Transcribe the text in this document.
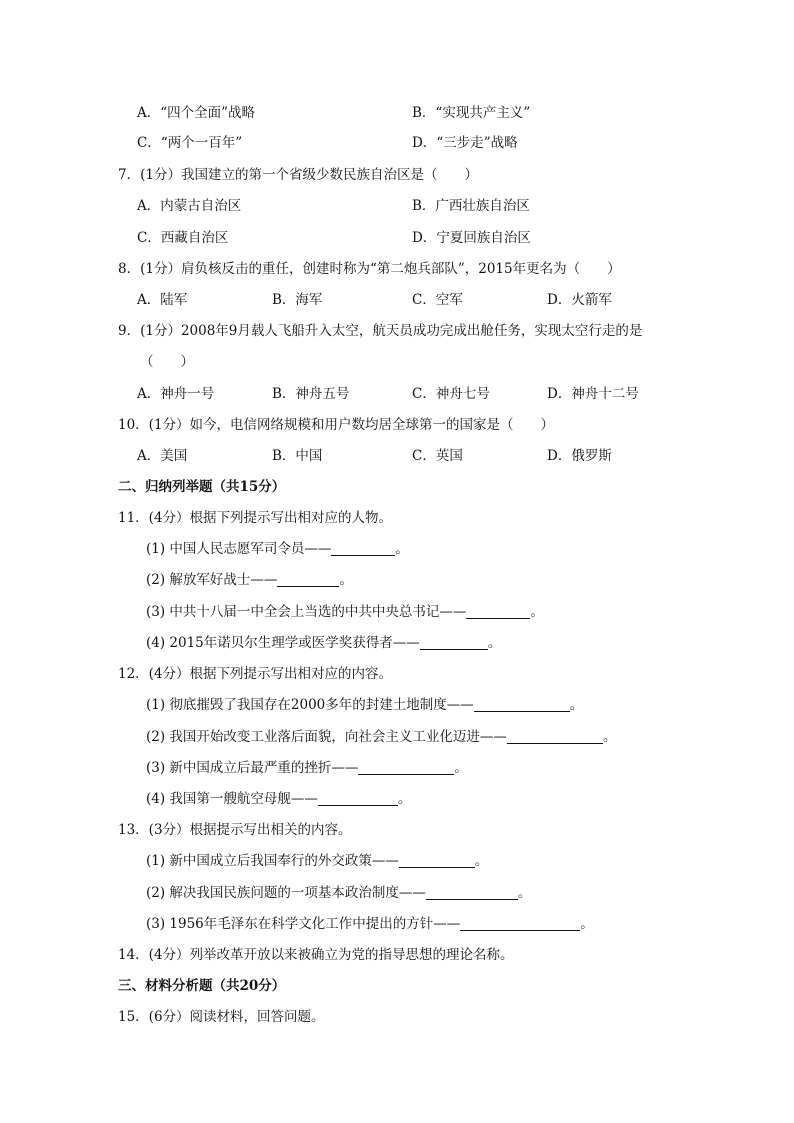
A．“四个全面”战略	B．“实现共产主义”
C．“两个一百年”	D．“三步走”战略
7．(1分）我国建立的第一个省级少数民族自治区是（　　）
A．内蒙古自治区	B．广西壮族自治区
C．西藏自治区	D．宁夏回族自治区
8．(1分）肩负核反击的重任，创建时称为“第二炮兵部队”，2015年更名为（　　）
A．陆军	B．海军	C．空军	D．火箭军
9．(1分）2008年9月载人飞船升入太空，航天员成功完成出舱任务，实现太空行走的是
（　　）
A．神舟一号	B．神舟五号	C．神舟七号	D．神舟十二号
10．(1分）如今，电信网络规模和用户数均居全球第一的国家是（　　）
A．美国	B．中国	C．英国	D．俄罗斯
二、归纳列举题（共15分）
11．(4分）根据下列提示写出相对应的人物。
(1) 中国人民志愿军司令员——	。
(2) 解放军好战士——	。
(3) 中共十八届一中全会上当选的中共中央总书记——	。
(4) 2015年诺贝尔生理学或医学奖获得者——	。
12．(4分）根据下列提示写出相对应的内容。
(1) 彻底摧毁了我国存在2000多年的封建土地制度——	。
(2) 我国开始改变工业落后面貌，向社会主义工业化迈进——	。
(3) 新中国成立后最严重的挫折——	。
(4) 我国第一艘航空母舰——	。
13．(3分）根据提示写出相关的内容。
(1) 新中国成立后我国奉行的外交政策——	。
(2) 解决我国民族问题的一项基本政治制度——	。
(3) 1956年毛泽东在科学文化工作中提出的方针——	。
14．(4分）列举改革开放以来被确立为党的指导思想的理论名称。
三、材料分析题（共20分）
15．(6分）阅读材料，回答问题。
